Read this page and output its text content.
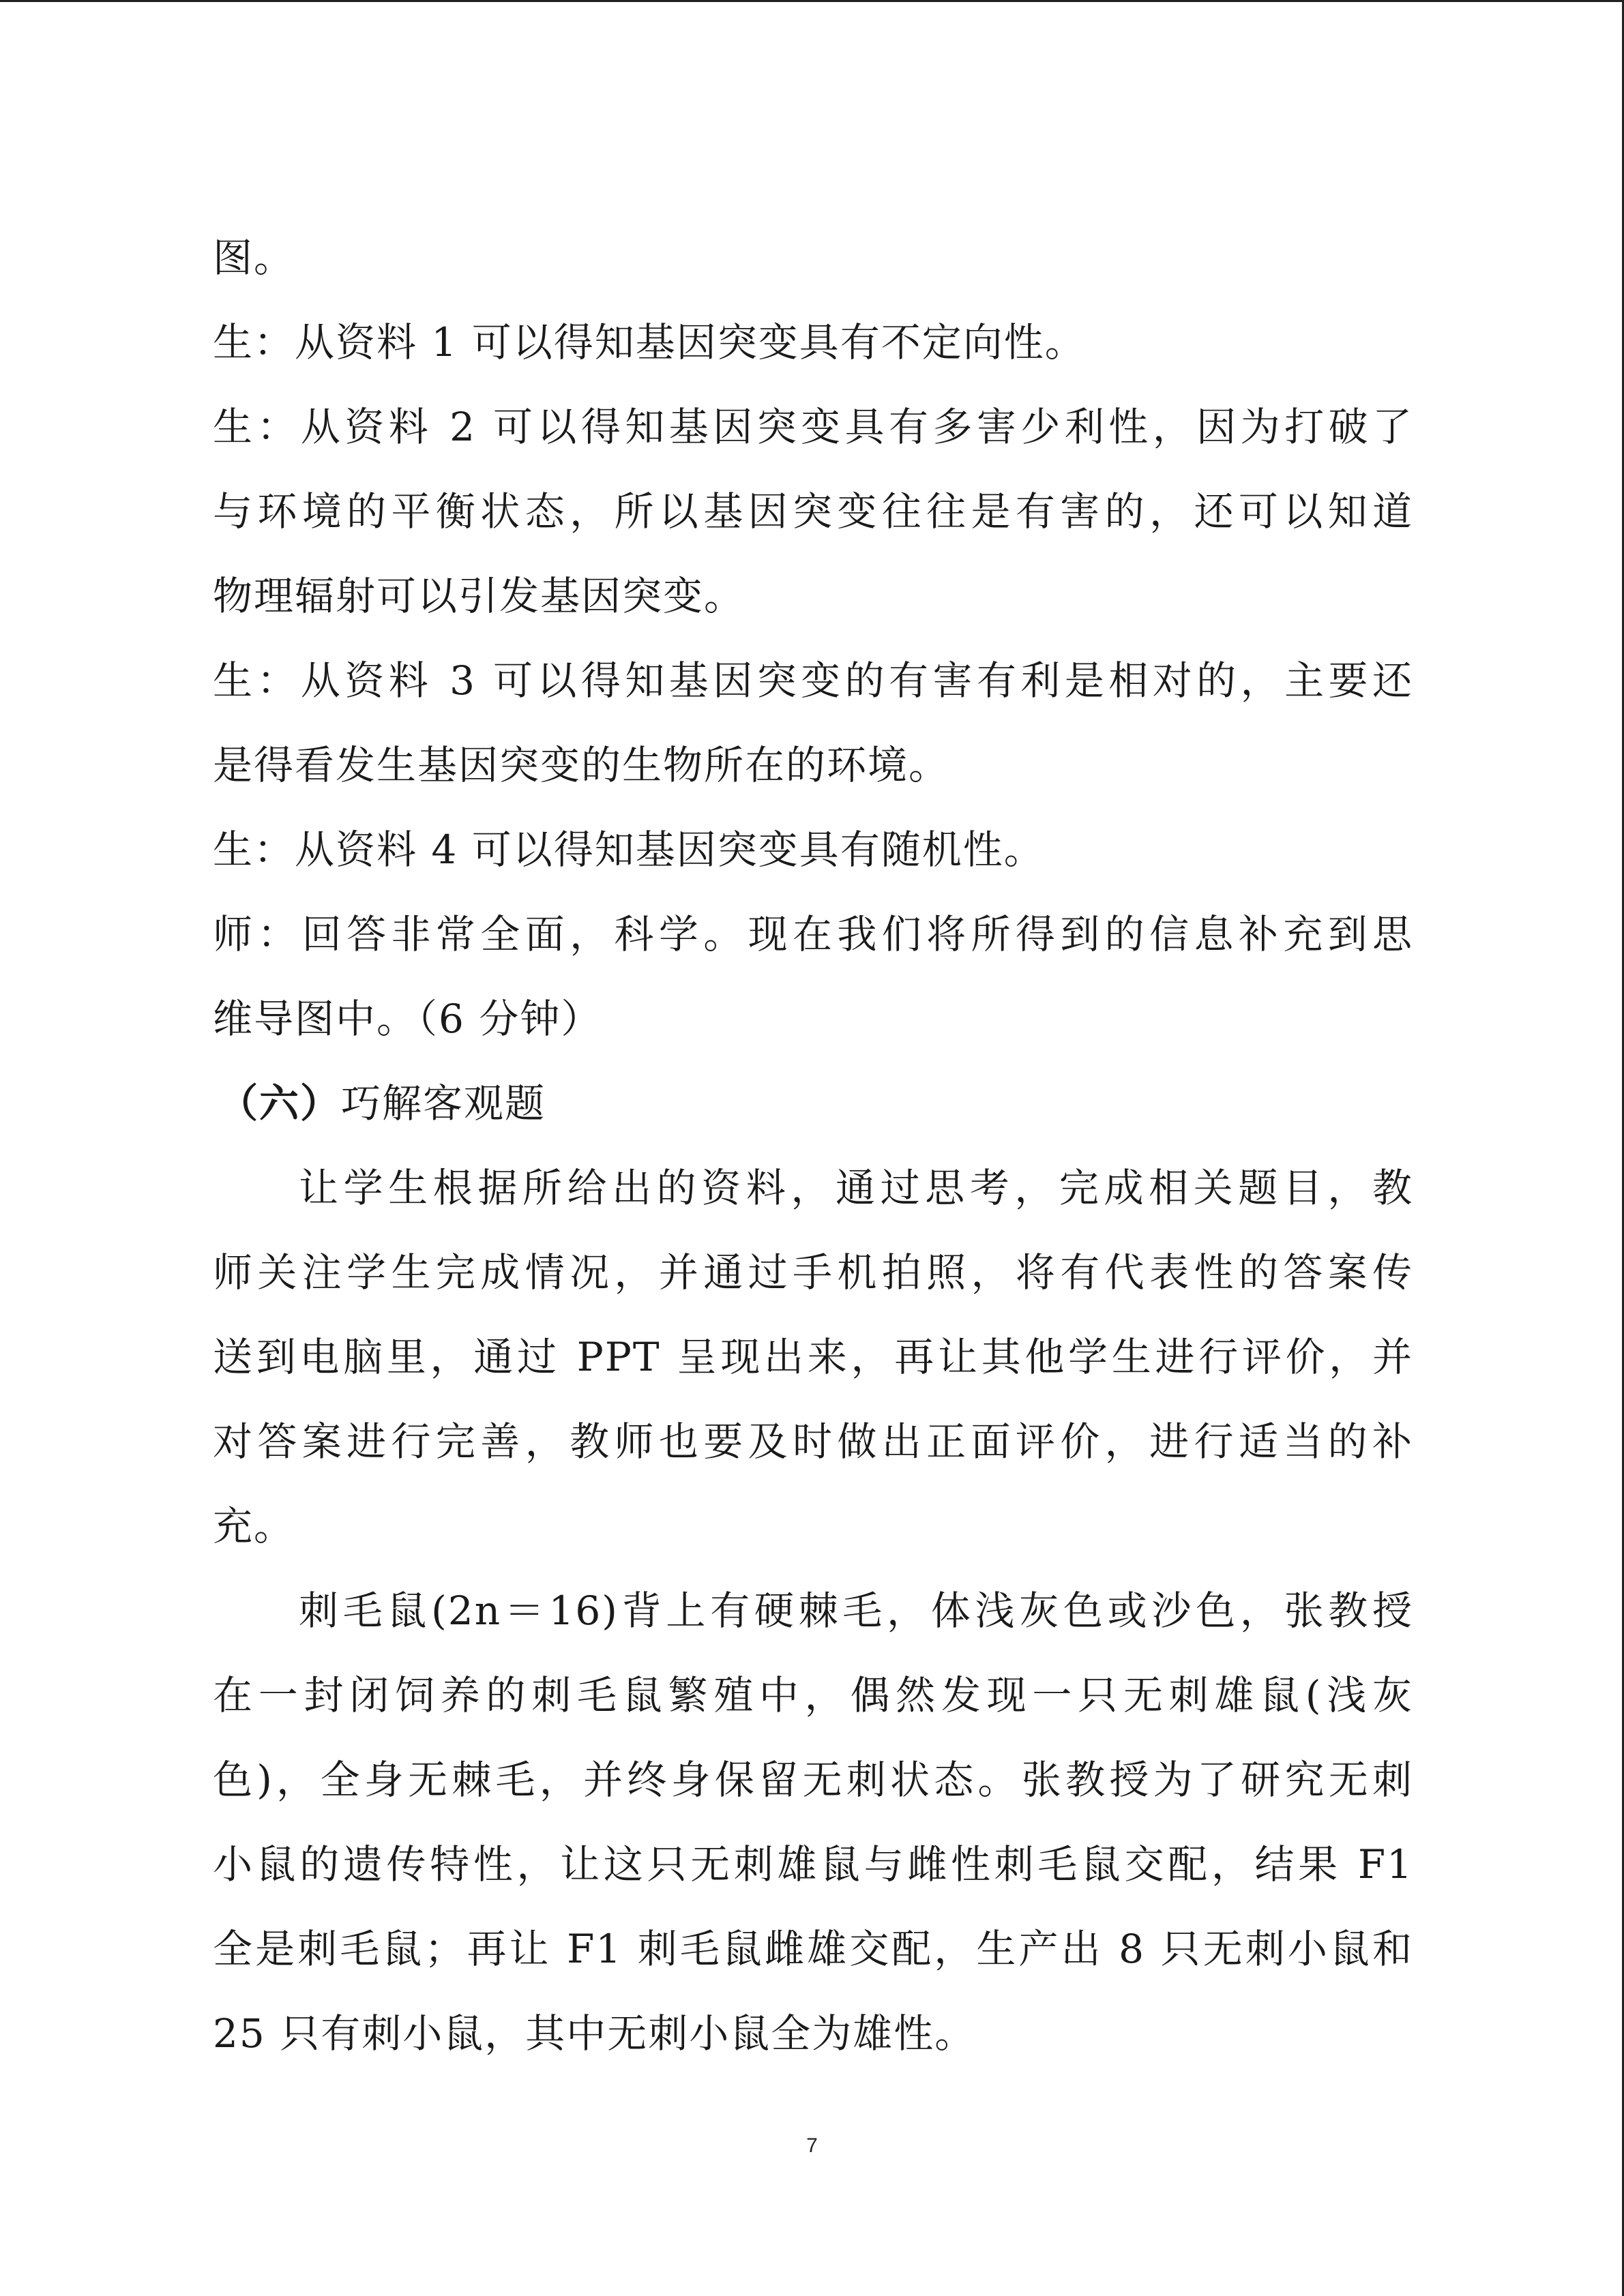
图。
生：从资料 1 可以得知基因突变具有不定向性。
生：从资料 2 可以得知基因突变具有多害少利性，因为打破了
与环境的平衡状态，所以基因突变往往是有害的，还可以知道
物理辐射可以引发基因突变。
生：从资料 3 可以得知基因突变的有害有利是相对的，主要还
是得看发生基因突变的生物所在的环境。
生：从资料 4 可以得知基因突变具有随机性。
师：回答非常全面，科学。现在我们将所得到的信息补充到思
维导图中。（6 分钟）
（六）巧解客观题
让学生根据所给出的资料，通过思考，完成相关题目，教
师关注学生完成情况，并通过手机拍照，将有代表性的答案传
送到电脑里，通过 PPT 呈现出来，再让其他学生进行评价，并
对答案进行完善，教师也要及时做出正面评价，进行适当的补
充。
刺毛鼠(2n＝16)背上有硬棘毛，体浅灰色或沙色，张教授
在一封闭饲养的刺毛鼠繁殖中，偶然发现一只无刺雄鼠(浅灰
色)，全身无棘毛，并终身保留无刺状态。张教授为了研究无刺
小鼠的遗传特性，让这只无刺雄鼠与雌性刺毛鼠交配，结果 F1
全是刺毛鼠；再让 F1 刺毛鼠雌雄交配，生产出 8 只无刺小鼠和
25 只有刺小鼠，其中无刺小鼠全为雄性。
7
